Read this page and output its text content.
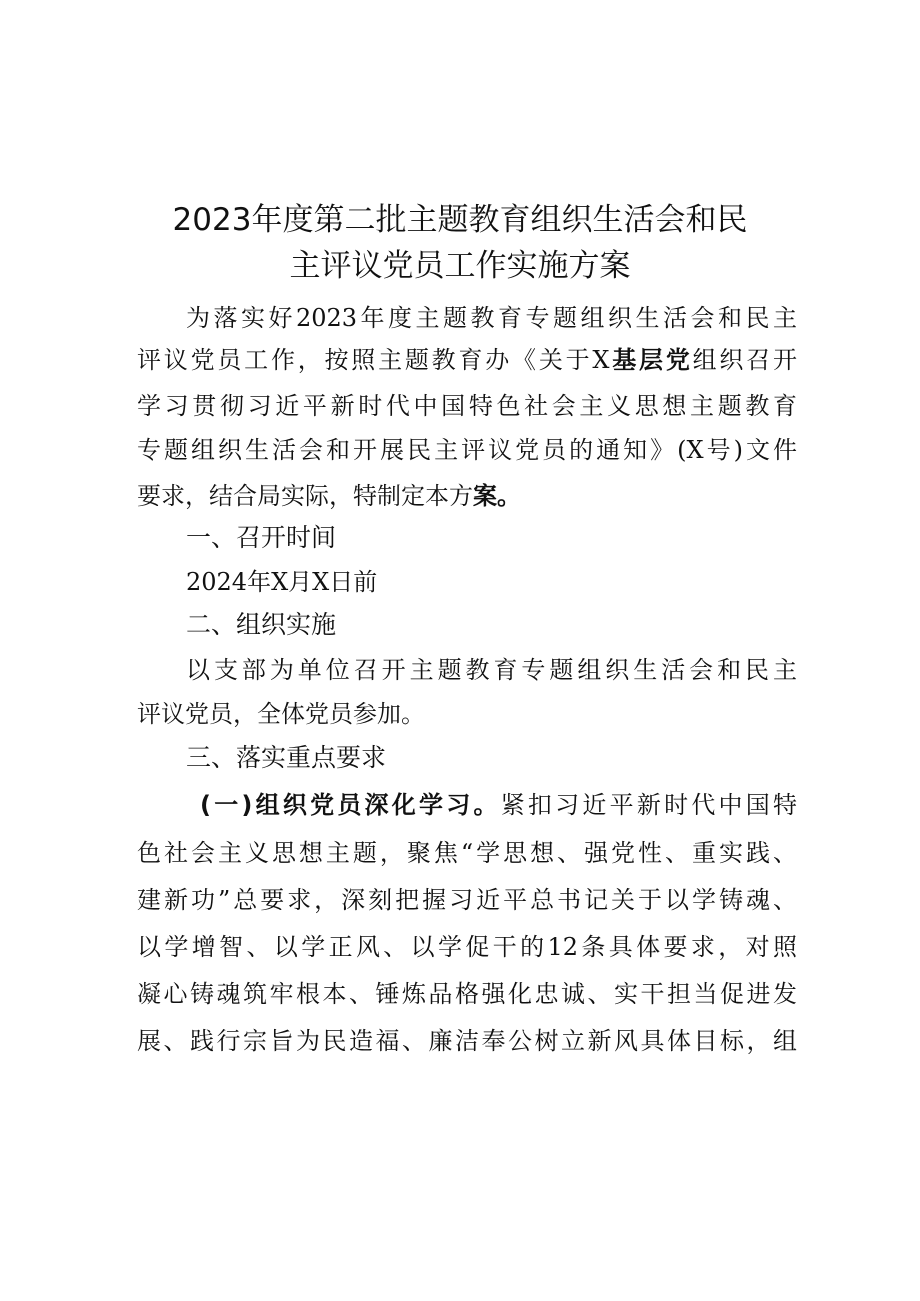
2023年度第二批主题教育组织生活会和民
主评议党员工作实施方案
为落实好2023年度主题教育专题组织生活会和民主
评议党员工作，按照主题教育办《关于X基层党组织召开
学习贯彻习近平新时代中国特色社会主义思想主题教育
专题组织生活会和开展民主评议党员的通知》(X号)文件
要求，结合局实际，特制定本方案。
一、召开时间
2024年X月X日前
二、组织实施
以支部为单位召开主题教育专题组织生活会和民主
评议党员，全体党员参加。
三、落实重点要求
(一)组织党员深化学习。紧扣习近平新时代中国特
色社会主义思想主题，聚焦“学思想、强党性、重实践、
建新功”总要求，深刻把握习近平总书记关于以学铸魂、
以学增智、以学正风、以学促干的12条具体要求，对照
凝心铸魂筑牢根本、锤炼品格强化忠诚、实干担当促进发
展、践行宗旨为民造福、廉洁奉公树立新风具体目标，组
